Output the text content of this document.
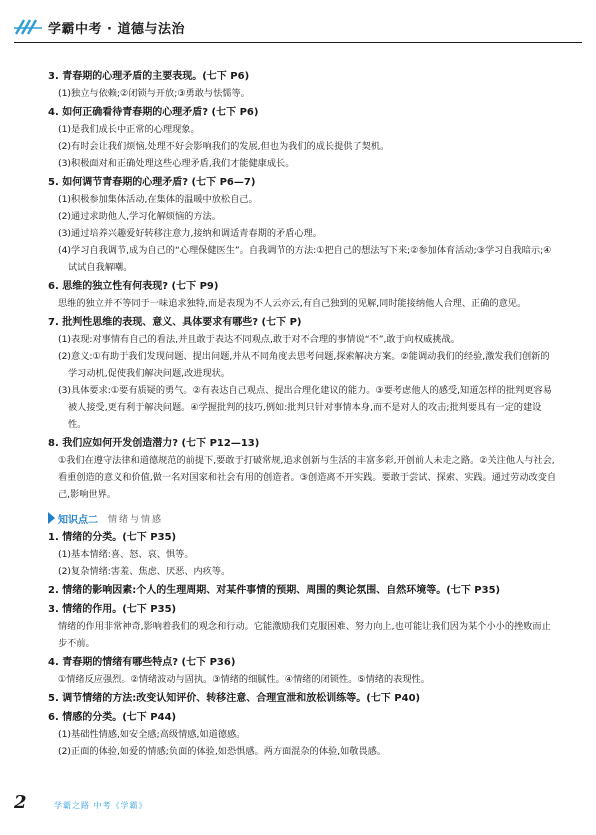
学霸中考 · 道德与法治
3. 青春期的心理矛盾的主要表现。(七下 P6)
(1)独立与依赖;②闭锁与开放;③勇敢与怯懦等。
4. 如何正确看待青春期的心理矛盾? (七下 P6)
(1)是我们成长中正常的心理现象。
(2)有时会让我们烦恼,处理不好会影响我们的发展,但也为我们的成长提供了契机。
(3)积极面对和正确处理这些心理矛盾,我们才能健康成长。
5. 如何调节青春期的心理矛盾? (七下 P6—7)
(1)积极参加集体活动,在集体的温暖中放松自己。
(2)通过求助他人,学习化解烦恼的方法。
(3)通过培养兴趣爱好转移注意力,接纳和调适青春期的矛盾心理。
(4)学习自我调节,成为自己的“心理保健医生”。自我调节的方法:①把自己的想法写下来;②参加体育活动;③学习自我暗示;④试试自我解嘲。
6. 思维的独立性有何表现? (七下 P9)
思维的独立并不等同于一味追求独特,而是表现为不人云亦云,有自己独到的见解,同时能接纳他人合理、正确的意见。
7. 批判性思维的表现、意义、具体要求有哪些? (七下 P)
(1)表现:对事情有自己的看法,并且敢于表达不同观点,敢于对不合理的事情说“不”,敢于向权威挑战。
(2)意义:①有助于我们发现问题、提出问题,并从不同角度去思考问题,探索解决方案。②能调动我们的经验,激发我们创新的学习动机,促使我们解决问题,改进现状。
(3)具体要求:①要有质疑的勇气。②有表达自己观点、提出合理化建议的能力。③要考虑他人的感受,知道怎样的批判更容易被人接受,更有利于解决问题。④学握批判的技巧,例如:批判只针对事情本身,而不是对人的攻击;批判要具有一定的建设性。
8. 我们应如何开发创造潜力? (七下 P12—13)
①我们在遵守法律和道德规范的前提下,要敢于打破常规,追求创新与生活的丰富多彩,开创前人未走之路。②关注他人与社会,看重创造的意义和价值,做一名对国家和社会有用的创造者。③创造离不开实践。要敢于尝试、探索、实践。通过劳动改变自己,影响世界。
知识点二 情绪与情感
1. 情绪的分类。(七下 P35)
(1)基本情绪:喜、怒、哀、惧等。
(2)复杂情绪:害羞、焦虑、厌恶、内疚等。
2. 情绪的影响因素:个人的生理周期、对某件事情的预期、周围的舆论氛围、自然环境等。(七下 P35)
3. 情绪的作用。(七下 P35)
情绪的作用非常神奇,影响着我们的观念和行动。它能激励我们克服困难、努力向上,也可能让我们因为某个小小的挫败而止步不前。
4. 青春期的情绪有哪些特点? (七下 P36)
①情绪反应强烈。②情绪波动与固执。③情绪的细腻性。④情绪的闭锁性。⑤情绪的表现性。
5. 调节情绪的方法:改变认知评价、转移注意、合理宣泄和放松训练等。(七下 P40)
6. 情感的分类。(七下 P44)
(1)基础性情感,如安全感;高级情感,如道德感。
(2)正面的体验,如爱的情感;负面的体验,如恐惧感。两方面混杂的体验,如敬畏感。
2	学霸之路 中考《学霸》
